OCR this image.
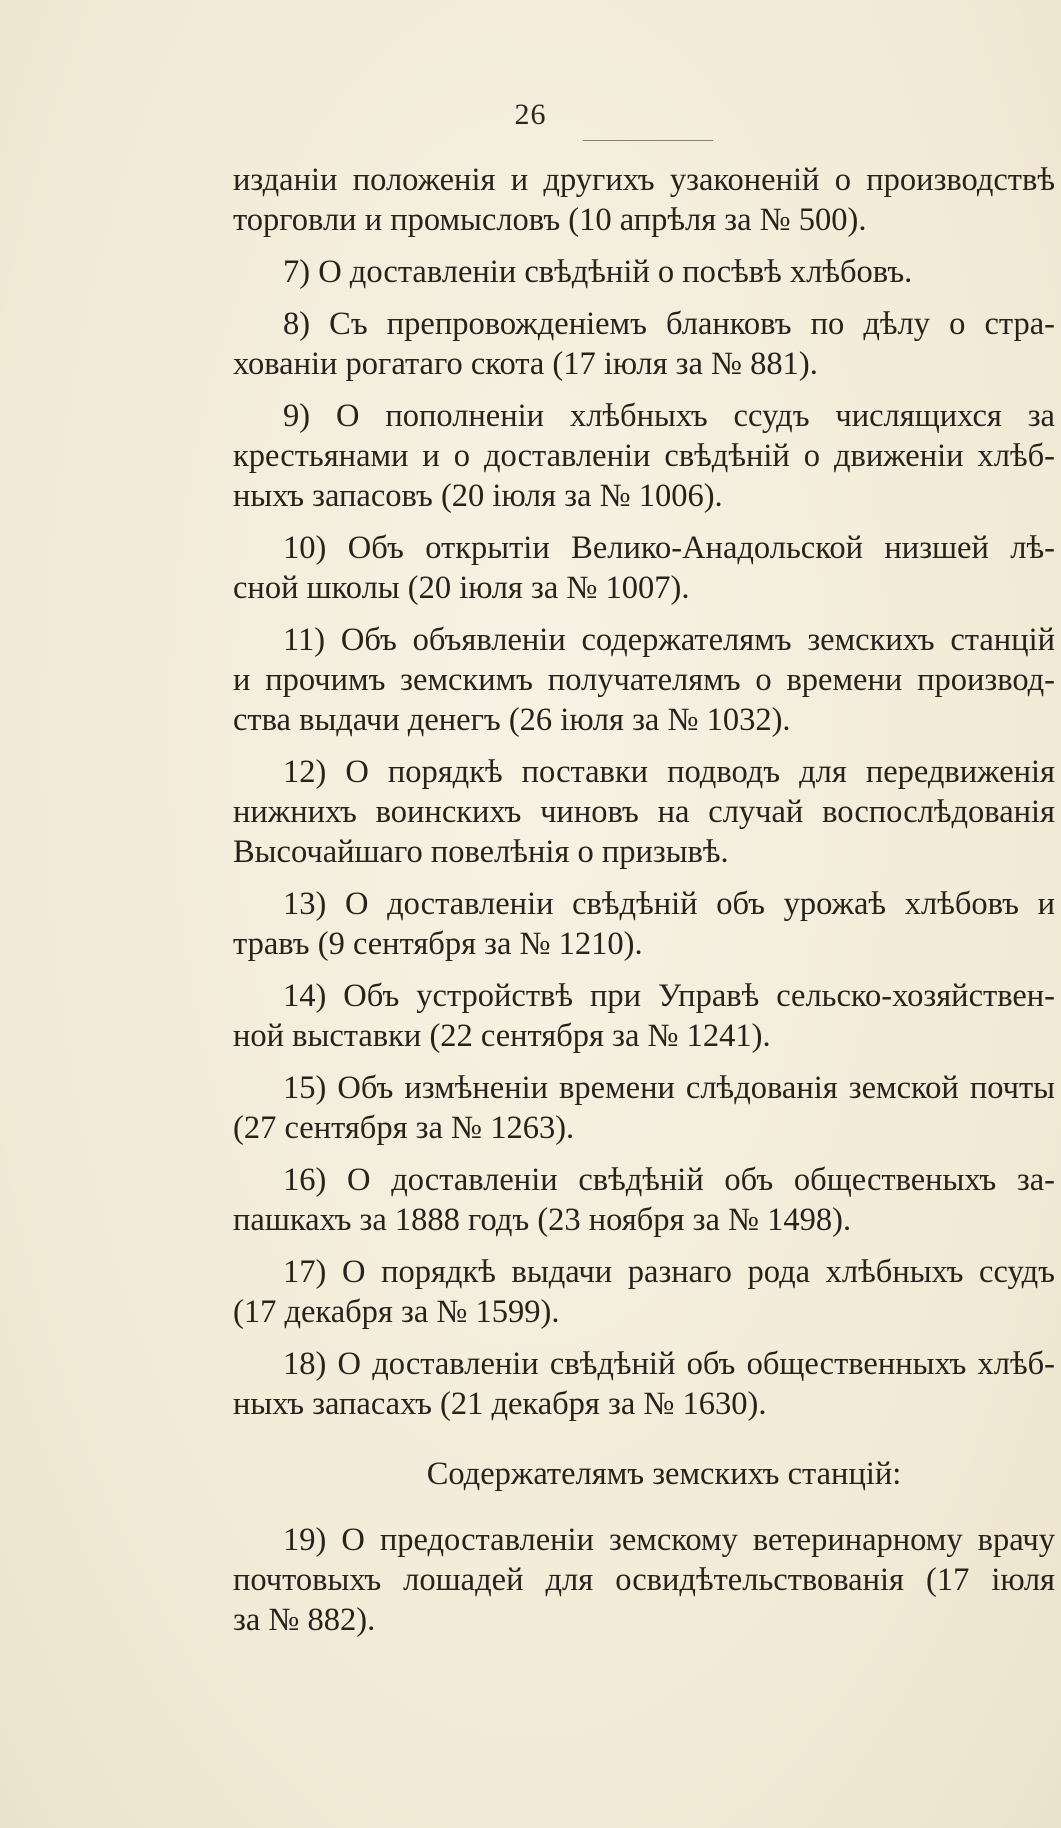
26
изданіи положенія и другихъ узаконеній о производствѣ
торговли и промысловъ (10 апрѣля за № 500).
7) О доставленіи свѣдѣній о посѣвѣ хлѣбовъ.
8) Съ препровожденіемъ бланковъ по дѣлу о стра-
хованіи рогатаго скота (17 іюля за № 881).
9) О пополненіи хлѣбныхъ ссудъ числящихся за
крестьянами и о доставленіи свѣдѣній о движеніи хлѣб-
ныхъ запасовъ (20 іюля за № 1006).
10) Объ открытіи Велико-Анадольской низшей лѣ-
сной школы (20 іюля за № 1007).
11) Объ объявленіи содержателямъ земскихъ станцій
и прочимъ земскимъ получателямъ о времени производ-
ства выдачи денегъ (26 іюля за № 1032).
12) О порядкѣ поставки подводъ для передвиженія
нижнихъ воинскихъ чиновъ на случай воспослѣдованія
Высочайшаго повелѣнія о призывѣ.
13) О доставленіи свѣдѣній объ урожаѣ хлѣбовъ и
травъ (9 сентября за № 1210).
14) Объ устройствѣ при Управѣ сельско-хозяйствен-
ной выставки (22 сентября за № 1241).
15) Объ измѣненіи времени слѣдованія земской почты
(27 сентября за № 1263).
16) О доставленіи свѣдѣній объ общественыхъ за-
пашкахъ за 1888 годъ (23 ноября за № 1498).
17) О порядкѣ выдачи разнаго рода хлѣбныхъ ссудъ
(17 декабря за № 1599).
18) О доставленіи свѣдѣній объ общественныхъ хлѣб-
ныхъ запасахъ (21 декабря за № 1630).
Содержателямъ земскихъ станцій:
19) О предоставленіи земскому ветеринарному врачу
почтовыхъ лошадей для освидѣтельствованія (17 іюля
за № 882).
